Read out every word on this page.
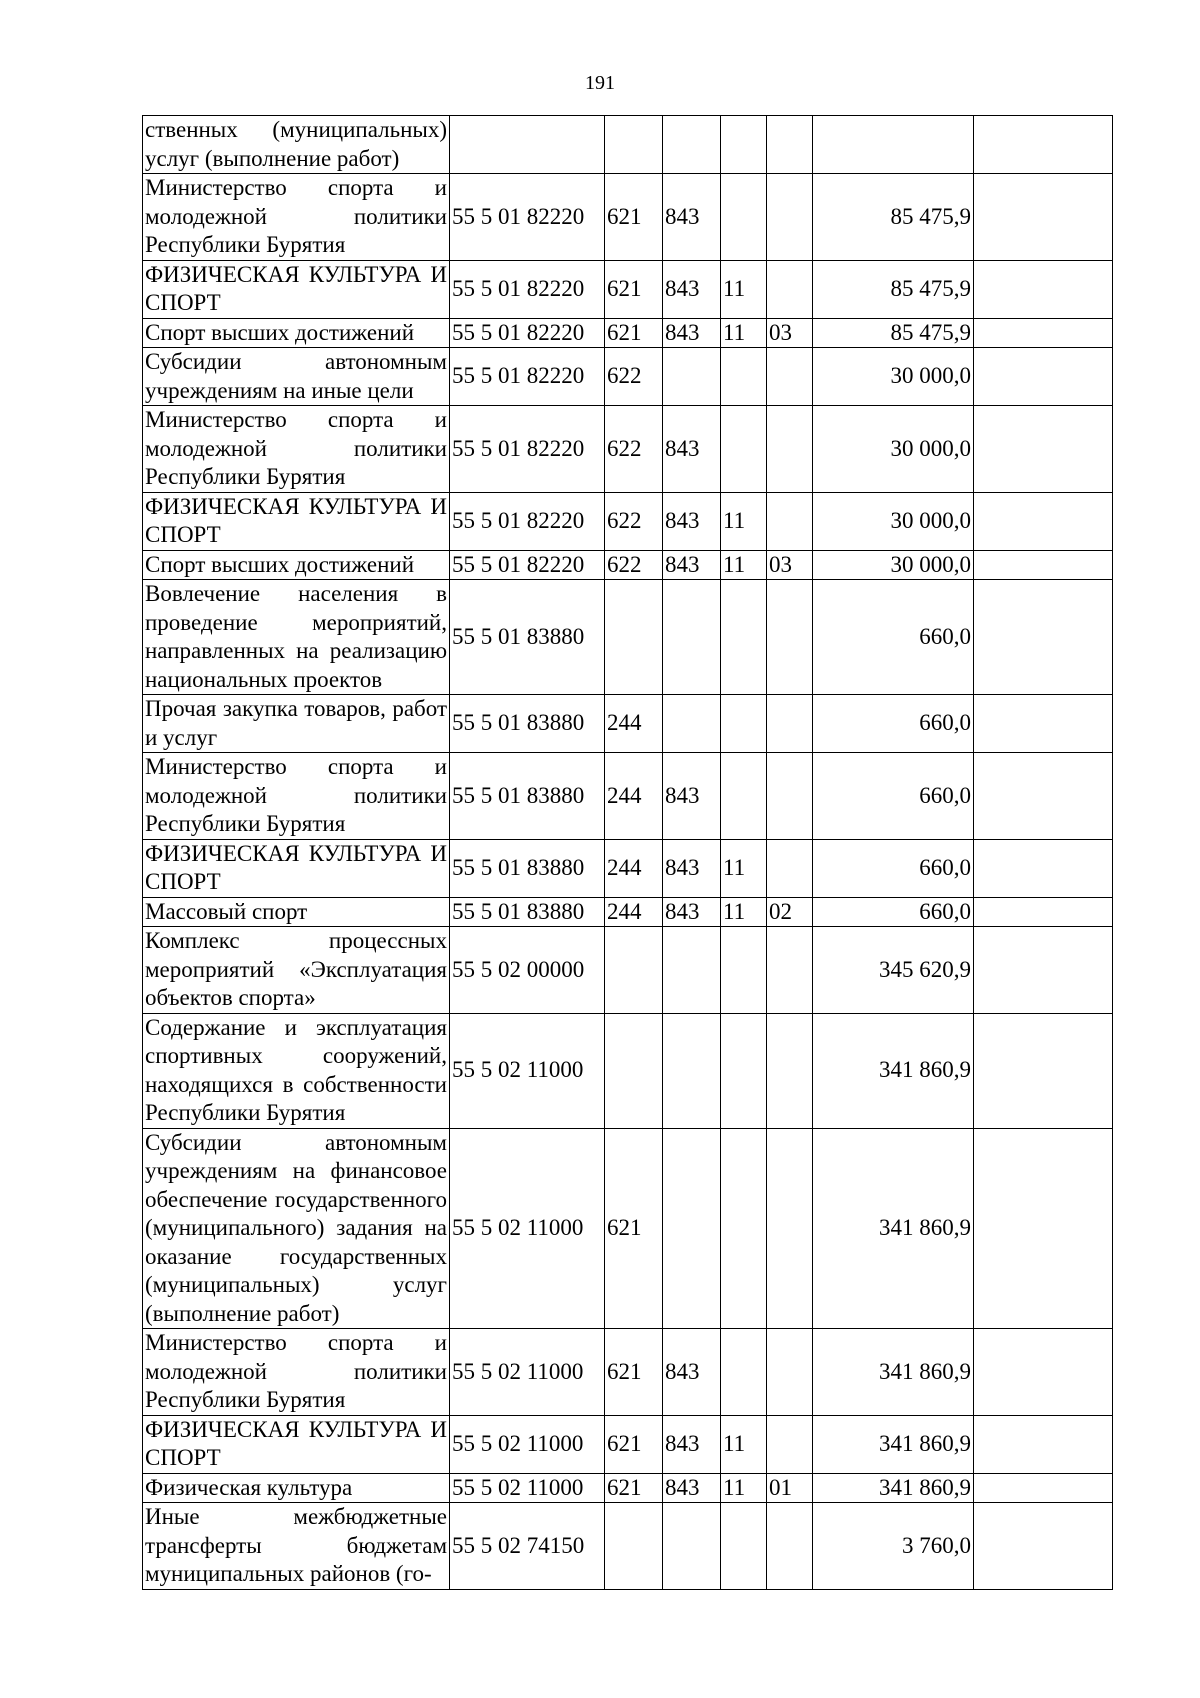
191
ственных (муниципальных) услуг (выполнение работ)							
Министерство спорта и молодежной политики Республики Бурятия	55 5 01 82220	621	843			85 475,9	
ФИЗИЧЕСКАЯ КУЛЬТУРА И СПОРТ	55 5 01 82220	621	843	11		85 475,9	
Спорт высших достижений	55 5 01 82220	621	843	11	03	85 475,9	
Субсидии автономным учреждениям на иные цели	55 5 01 82220	622				30 000,0	
Министерство спорта и молодежной политики Республики Бурятия	55 5 01 82220	622	843			30 000,0	
ФИЗИЧЕСКАЯ КУЛЬТУРА И СПОРТ	55 5 01 82220	622	843	11		30 000,0	
Спорт высших достижений	55 5 01 82220	622	843	11	03	30 000,0	
Вовлечение населения в проведение мероприятий, направленных на реализацию национальных проектов	55 5 01 83880					660,0	
Прочая закупка товаров, работ и услуг	55 5 01 83880	244				660,0	
Министерство спорта и молодежной политики Республики Бурятия	55 5 01 83880	244	843			660,0	
ФИЗИЧЕСКАЯ КУЛЬТУРА И СПОРТ	55 5 01 83880	244	843	11		660,0	
Массовый спорт	55 5 01 83880	244	843	11	02	660,0	
Комплекс процессных мероприятий «Эксплуатация объектов спорта»	55 5 02 00000					345 620,9	
Содержание и эксплуатация спортивных сооружений, находящихся в собственности Республики Бурятия	55 5 02 11000					341 860,9	
Субсидии автономным учреждениям на финансовое обеспечение государственного (муниципального) задания на оказание государственных (муниципальных) услуг (выполнение работ)	55 5 02 11000	621				341 860,9	
Министерство спорта и молодежной политики Республики Бурятия	55 5 02 11000	621	843			341 860,9	
ФИЗИЧЕСКАЯ КУЛЬТУРА И СПОРТ	55 5 02 11000	621	843	11		341 860,9	
Физическая культура	55 5 02 11000	621	843	11	01	341 860,9	
Иные межбюджетные трансферты бюджетам муниципальных районов (го-	55 5 02 74150					3 760,0	
